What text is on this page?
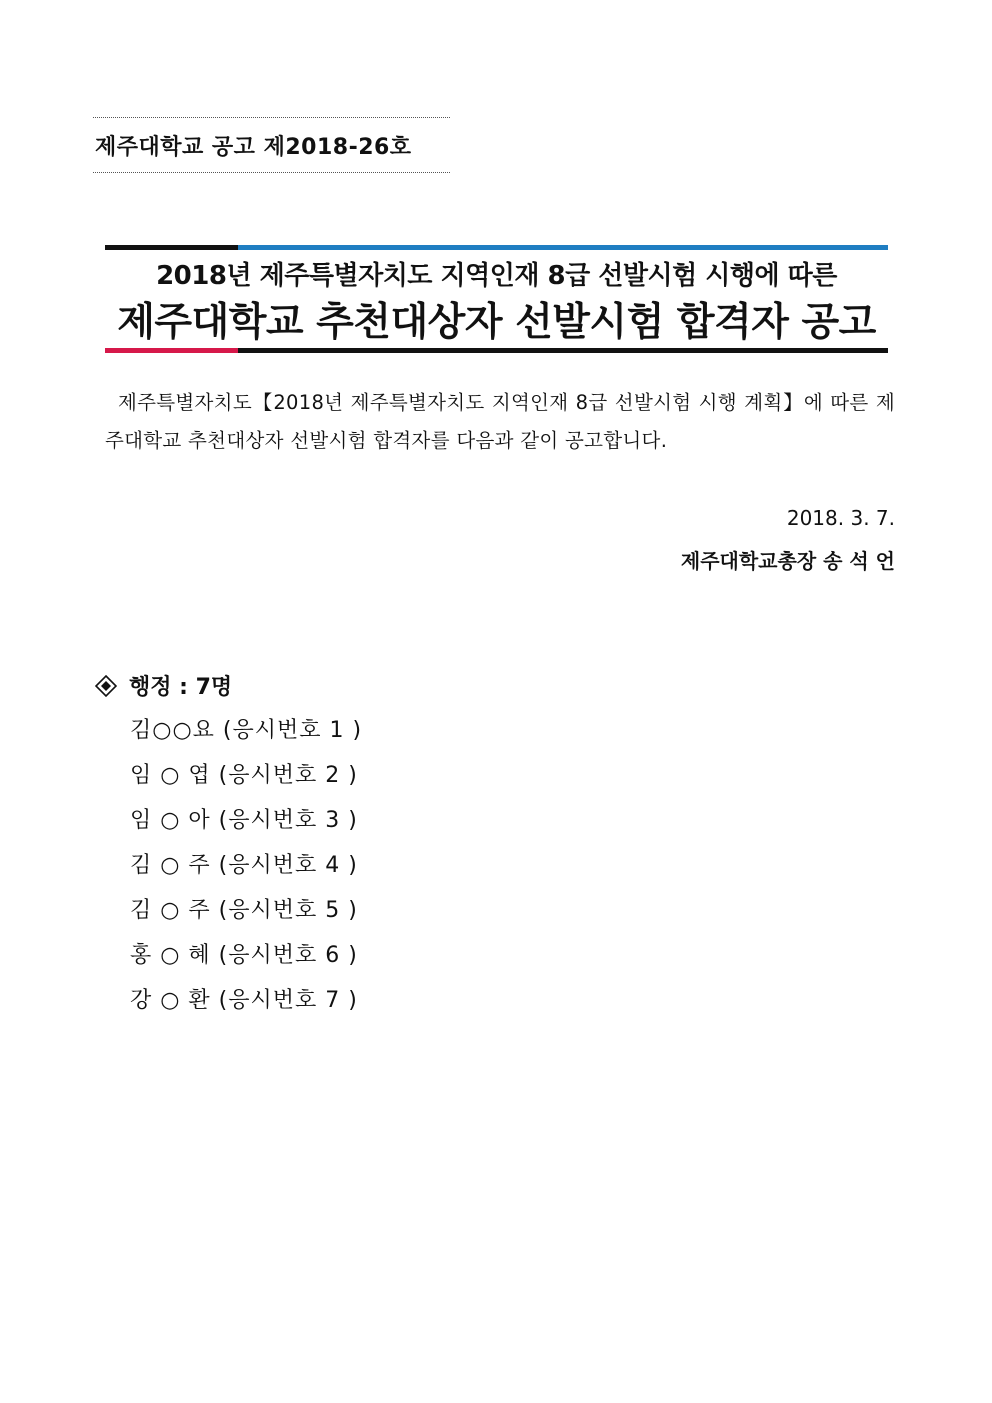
제주대학교 공고 제2018-26호
2018년 제주특별자치도 지역인재 8급 선발시험 시행에 따른
제주대학교 추천대상자 선발시험 합격자 공고
제주특별자치도【2018년 제주특별자치도 지역인재 8급 선발시험 시행 계획】에 따른 제주대학교 추천대상자 선발시험 합격자를 다음과 같이 공고합니다.
2018. 3. 7.
제주대학교총장 송 석 언
행정 : 7명
김○○요 (응시번호 1 )
임 ○ 엽 (응시번호 2 )
임 ○ 아 (응시번호 3 )
김 ○ 주 (응시번호 4 )
김 ○ 주 (응시번호 5 )
홍 ○ 혜 (응시번호 6 )
강 ○ 환 (응시번호 7 )
